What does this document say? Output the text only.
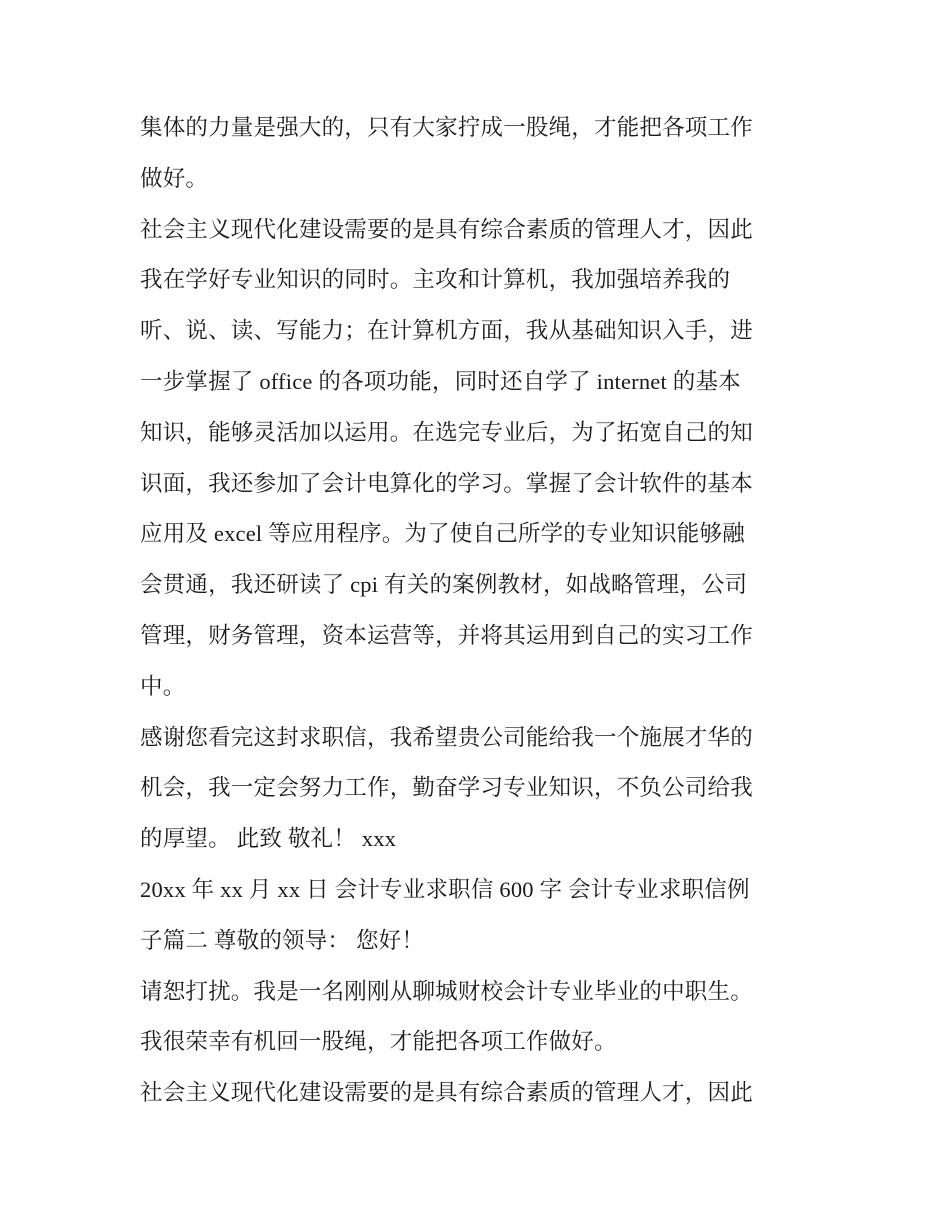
集体的力量是强大的，只有大家拧成一股绳，才能把各项工作
做好。
社会主义现代化建设需要的是具有综合素质的管理人才，因此
我在学好专业知识的同时。主攻和计算机，我加强培养我的
听、说、读、写能力；在计算机方面，我从基础知识入手，进
一步掌握了 office 的各项功能，同时还自学了 internet 的基本
知识，能够灵活加以运用。在选完专业后，为了拓宽自己的知
识面，我还参加了会计电算化的学习。掌握了会计软件的基本
应用及 excel 等应用程序。为了使自己所学的专业知识能够融
会贯通，我还研读了 cpi 有关的案例教材，如战略管理，公司
管理，财务管理，资本运营等，并将其运用到自己的实习工作
中。
感谢您看完这封求职信，我希望贵公司能给我一个施展才华的
机会，我一定会努力工作，勤奋学习专业知识，不负公司给我
的厚望。 此致 敬礼！ xxx
20xx 年 xx 月 xx 日 会计专业求职信 600 字 会计专业求职信例
子篇二 尊敬的领导： 您好！
请恕打扰。我是一名刚刚从聊城财校会计专业毕业的中职生。
我很荣幸有机回一股绳，才能把各项工作做好。
社会主义现代化建设需要的是具有综合素质的管理人才，因此
